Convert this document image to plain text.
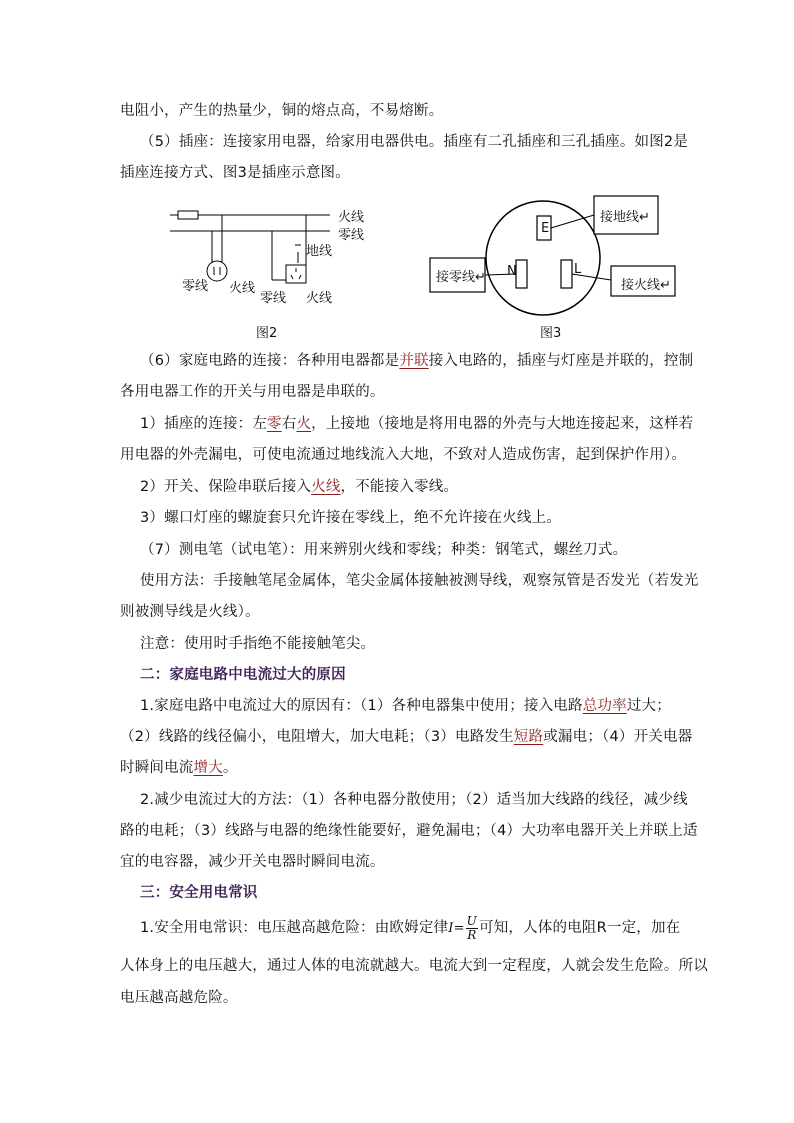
电阻小，产生的热量少，铜的熔点高，不易熔断。
（5）插座：连接家用电器，给家用电器供电。插座有二孔插座和三孔插座。如图2是
插座连接方式、图3是插座示意图。
火线
零线
地线
零线 火线
零线 火线
图2
E
N	L
接地线↵
接零线↵
接火线↵
图3
（6）家庭电路的连接：各种用电器都是并联接入电路的，插座与灯座是并联的，控制
各用电器工作的开关与用电器是串联的。
1）插座的连接：左零右火，上接地（接地是将用电器的外壳与大地连接起来，这样若
用电器的外壳漏电，可使电流通过地线流入大地，不致对人造成伤害，起到保护作用）。
2）开关、保险串联后接入火线，不能接入零线。
3）螺口灯座的螺旋套只允许接在零线上，绝不允许接在火线上。
（7）测电笔（试电笔）：用来辨别火线和零线；种类：钢笔式，螺丝刀式。
使用方法：手接触笔尾金属体，笔尖金属体接触被测导线，观察氖管是否发光（若发光
则被测导线是火线）。
注意：使用时手指绝不能接触笔尖。
二：家庭电路中电流过大的原因
1.家庭电路中电流过大的原因有：（1）各种电器集中使用；接入电路总功率过大；
（2）线路的线径偏小，电阻增大，加大电耗；（3）电路发生短路或漏电；（4）开关电器
时瞬间电流增大。
2.减少电流过大的方法：（1）各种电器分散使用；（2）适当加大线路的线径，减少线
路的电耗；（3）线路与电器的绝缘性能要好，避免漏电；（4）大功率电器开关上并联上适
宜的电容器，减少开关电器时瞬间电流。
三：安全用电常识
1.安全用电常识：电压越高越危险：由欧姆定律$I= \frac{U}{R}$ 可知，人体的电阻R一定，加在
人体身上的电压越大，通过人体的电流就越大。电流大到一定程度，人就会发生危险。所以
电压越高越危险。
